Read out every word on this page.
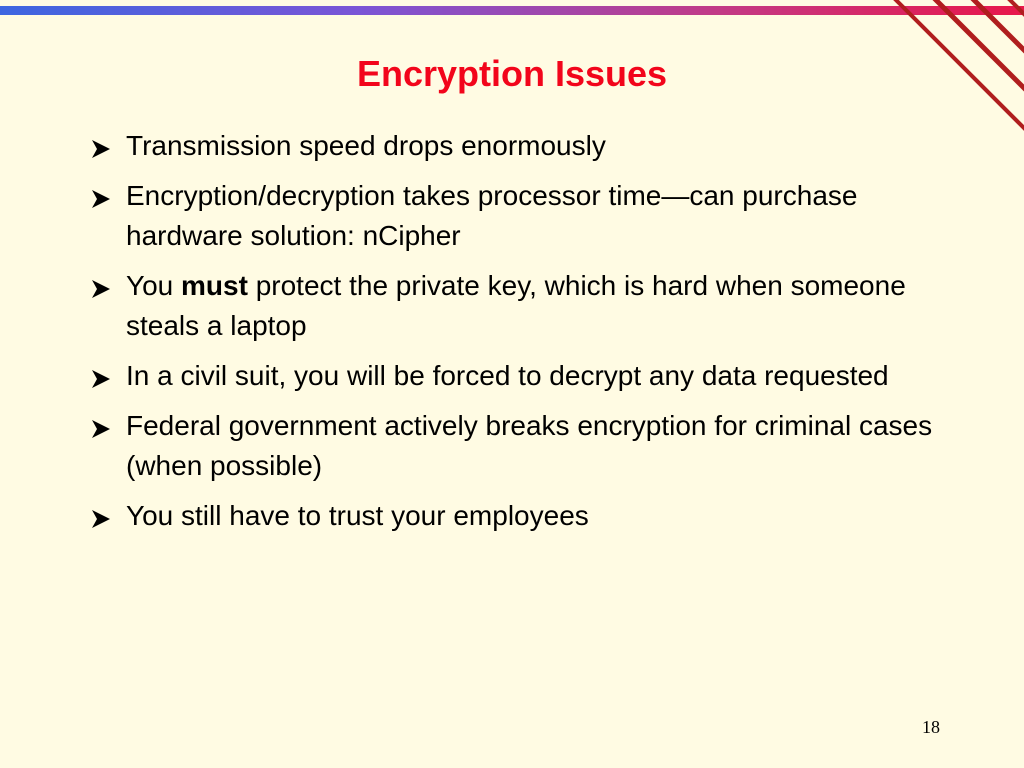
Encryption Issues
Transmission speed drops enormously
Encryption/decryption takes processor time—can purchase hardware solution: nCipher
You must protect the private key, which is hard when someone steals a laptop
In a civil suit, you will be forced to decrypt any data requested
Federal government actively breaks encryption for criminal cases (when possible)
You still have to trust your employees
18
